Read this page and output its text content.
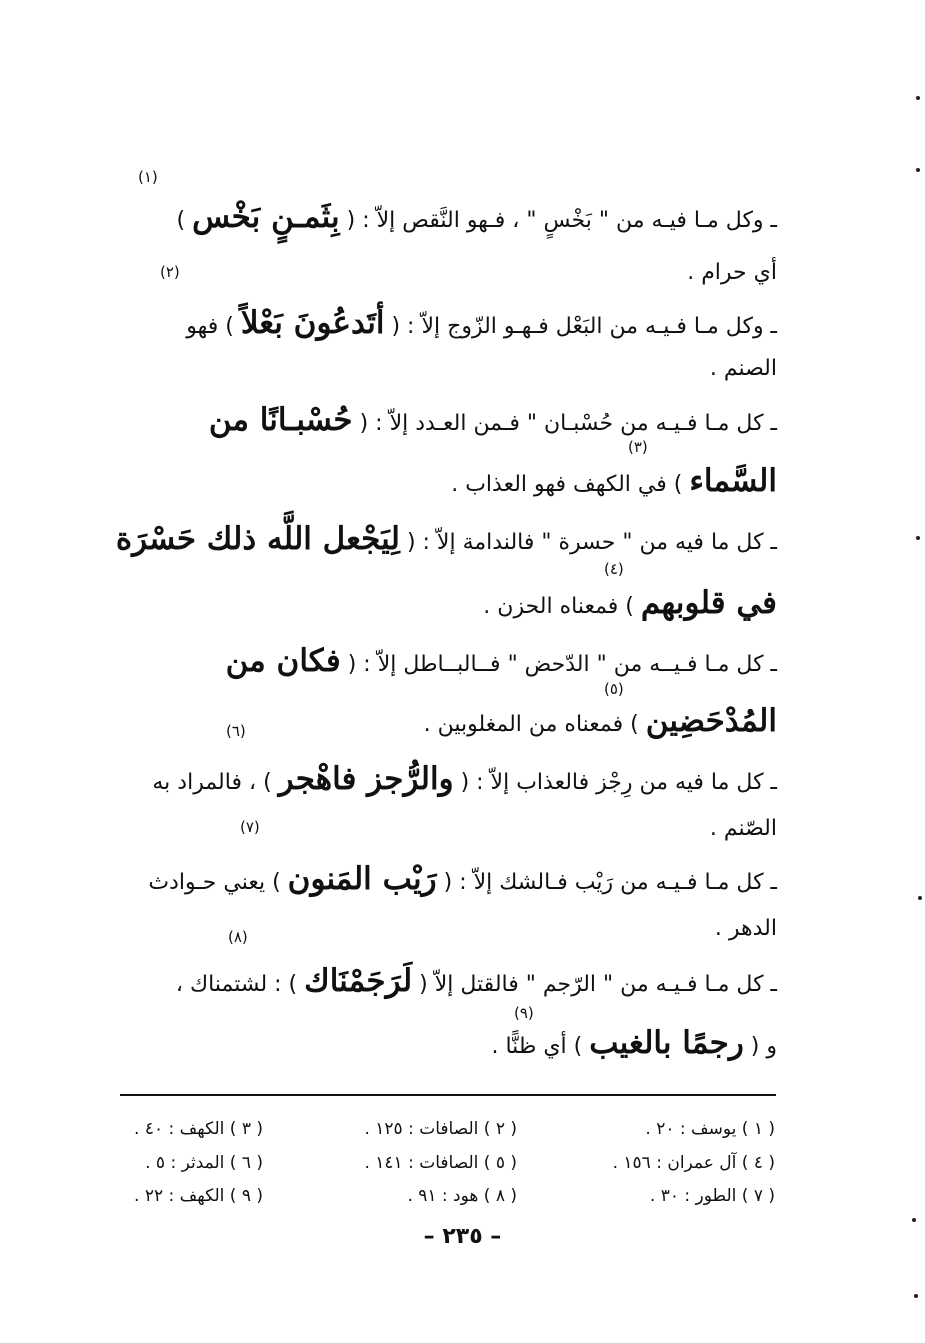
(١)
ـ وكل مـا فيـه من " بَخْسٍ " ، فـهو النَّقص إلاّ : ( بِثَمـنٍ بَخْس )
أي حرام .
(٢)
ـ وكل مـا فـيـه من البَعْل فـهـو الزّوج إلاّ : ( أتَدعُونَ بَعْلاً ) فهو
الصنم .
ـ كل مـا فـيـه من حُسْبـان " فـمن العـدد إلاّ : ( حُسْبـانًا من
(٣)
السَّماء ) في الكهف فهو العذاب .
ـ كل ما فيه من " حسرة " فالندامة إلاّ : ( لِيَجْعل اللَّه ذلك حَسْرَة
(٤)
في قلوبهم ) فمعناه الحزن .
ـ كل مـا فـيــه من " الدّحض " فــالبــاطل إلاّ : ( فكان من
(٥)
المُدْحَضِين ) فمعناه من المغلوبين .
(٦)
ـ كل ما فيه من رِجْز فالعذاب إلاّ : ( والرُّجز فاهْجر ) ، فالمراد به
الصّنم .
(٧)
ـ كل مـا فـيـه من رَيْب فـالشك إلاّ : ( رَيْب المَنون ) يعني حـوادث
الدهر .
(٨)
ـ كل مـا فـيـه من " الرّجم " فالقتل إلاّ ( لَرَجَمْنَاك ) : لشتمناك ،
(٩)
و ( رجمًا بالغيب ) أي ظنًّا .
( ١ ) يوسف : ٢٠ .
( ٢ ) الصافات : ١٢٥ .
( ٣ ) الكهف : ٤٠ .
( ٤ ) آل عمران : ١٥٦ .
( ٥ ) الصافات : ١٤١ .
( ٦ ) المدثر : ٥ .
( ٧ ) الطور : ٣٠ .
( ٨ ) هود : ٩١ .
( ٩ ) الكهف : ٢٢ .
– ٢٣٥ –
